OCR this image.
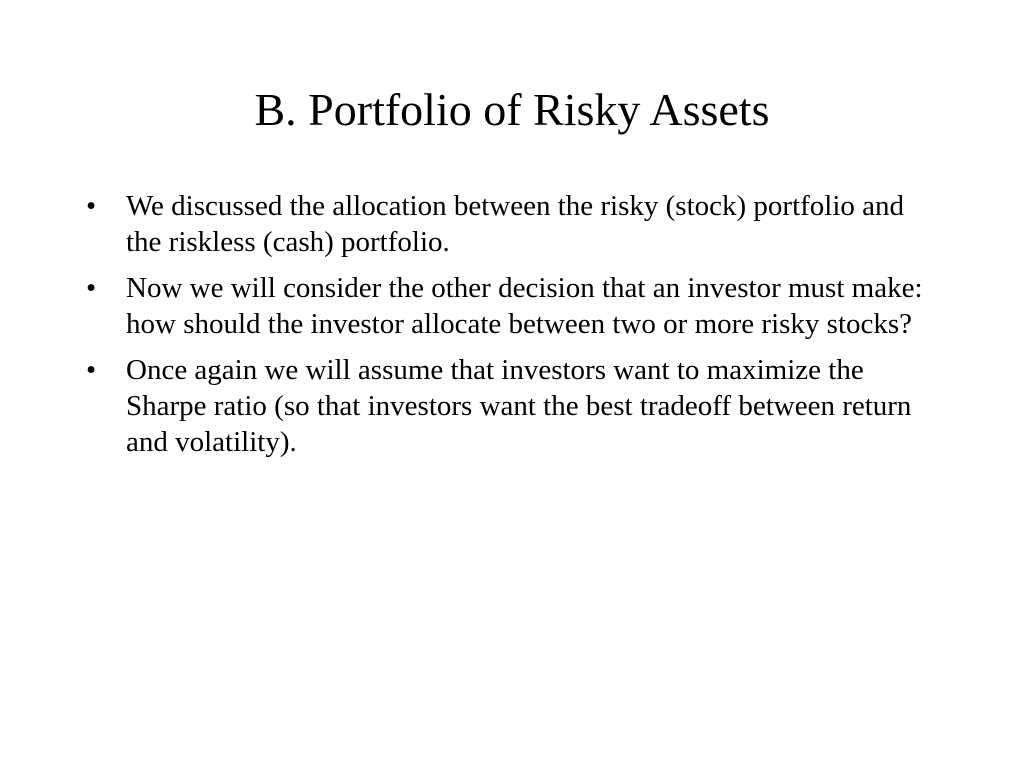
B. Portfolio of Risky Assets
• We discussed the allocation between the risky (stock) portfolio and the riskless (cash) portfolio.
• Now we will consider the other decision that an investor must make: how should the investor allocate between two or more risky stocks?
• Once again we will assume that investors want to maximize the Sharpe ratio (so that investors want the best tradeoff between return and volatility).
